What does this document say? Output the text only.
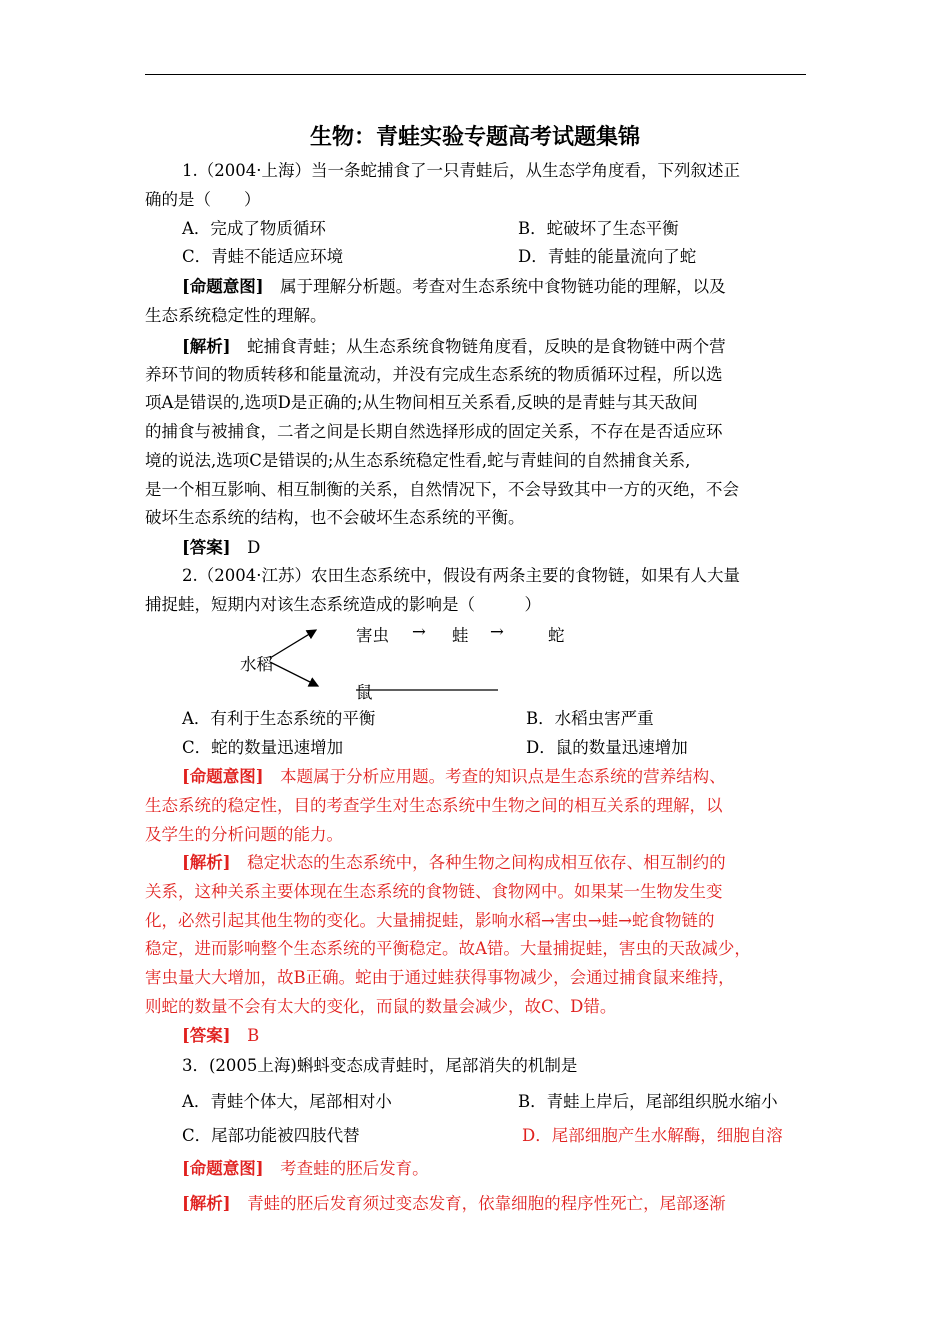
生物：青蛙实验专题高考试题集锦
1.（2004·上海）当一条蛇捕食了一只青蛙后，从生态学角度看，下列叙述正
确的是（　　）
A．完成了物质循环	B．蛇破坏了生态平衡
C．青蛙不能适应环境	D．青蛙的能量流向了蛇
[命题意图]　 属于理解分析题。考查对生态系统中食物链功能的理解，以及
生态系统稳定性的理解。
[解析]　 蛇捕食青蛙；从生态系统食物链角度看，反映的是食物链中两个营
养环节间的物质转移和能量流动，并没有完成生态系统的物质循环过程，所以选
项A是错误的,选项D是正确的;从生物间相互关系看,反映的是青蛙与其天敌间
的捕食与被捕食，二者之间是长期自然选择形成的固定关系，不存在是否适应环
境的说法,选项C是错误的;从生态系统稳定性看,蛇与青蛙间的自然捕食关系,
是一个相互影响、相互制衡的关系，自然情况下，不会导致其中一方的灭绝，不会
破坏生态系统的结构，也不会破坏生态系统的平衡。
[答案]　 D
2.（2004·江苏）农田生态系统中，假设有两条主要的食物链，如果有人大量
捕捉蛙，短期内对该生态系统造成的影响是（　　　）
水稻
害虫 → 蛙 →	蛇
鼠
A．有利于生态系统的平衡	B．水稻虫害严重
C．蛇的数量迅速增加	D．鼠的数量迅速增加
[命题意图]　 本题属于分析应用题。考查的知识点是生态系统的营养结构、
生态系统的稳定性，目的考查学生对生态系统中生物之间的相互关系的理解，以
及学生的分析问题的能力。
[解析]　 稳定状态的生态系统中，各种生物之间构成相互依存、相互制约的
关系，这种关系主要体现在生态系统的食物链、食物网中。如果某一生物发生变
化，必然引起其他生物的变化。大量捕捉蛙，影响水稻→害虫→蛙→蛇食物链的
稳定，进而影响整个生态系统的平衡稳定。故A错。大量捕捉蛙，害虫的天敌减少，
害虫量大大增加，故B正确。蛇由于通过蛙获得事物减少，会通过捕食鼠来维持，
则蛇的数量不会有太大的变化，而鼠的数量会减少，故C、D错。
[答案]　 B
3．(2005上海)蝌蚪变态成青蛙时，尾部消失的机制是
A．青蛙个体大，尾部相对小	B．青蛙上岸后，尾部组织脱水缩小
C．尾部功能被四肢代替	D．尾部细胞产生水解酶，细胞自溶
[命题意图]　 考查蛙的胚后发育。
[解析]　 青蛙的胚后发育须过变态发育，依靠细胞的程序性死亡，尾部逐渐
